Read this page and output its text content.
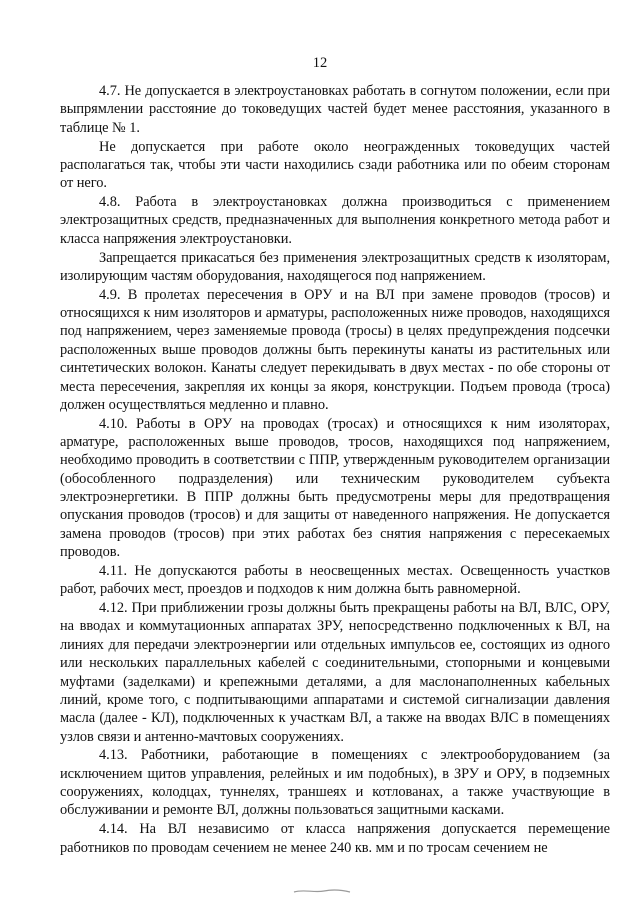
12

4.7. Не допускается в электроустановках работать в согнутом положении, если при выпрямлении расстояние до токоведущих частей будет менее расстояния, указанного в таблице № 1.

Не допускается при работе около неогражденных токоведущих частей располагаться так, чтобы эти части находились сзади работника или по обеим сторонам от него.

4.8. Работа в электроустановках должна производиться с применением электрозащитных средств, предназначенных для выполнения конкретного метода работ и класса напряжения электроустановки.

Запрещается прикасаться без применения электрозащитных средств к изоляторам, изолирующим частям оборудования, находящегося под напряжением.

4.9. В пролетах пересечения в ОРУ и на ВЛ при замене проводов (тросов) и относящихся к ним изоляторов и арматуры, расположенных ниже проводов, находящихся под напряжением, через заменяемые провода (тросы) в целях предупреждения подсечки расположенных выше проводов должны быть перекинуты канаты из растительных или синтетических волокон. Канаты следует перекидывать в двух местах - по обе стороны от места пересечения, закрепляя их концы за якоря, конструкции. Подъем провода (троса) должен осуществляться медленно и плавно.

4.10. Работы в ОРУ на проводах (тросах) и относящихся к ним изоляторах, арматуре, расположенных выше проводов, тросов, находящихся под напряжением, необходимо проводить в соответствии с ППР, утвержденным руководителем организации (обособленного подразделения) или техническим руководителем субъекта электроэнергетики. В ППР должны быть предусмотрены меры для предотвращения опускания проводов (тросов) и для защиты от наведенного напряжения. Не допускается замена проводов (тросов) при этих работах без снятия напряжения с пересекаемых проводов.

4.11. Не допускаются работы в неосвещенных местах. Освещенность участков работ, рабочих мест, проездов и подходов к ним должна быть равномерной.

4.12. При приближении грозы должны быть прекращены работы на ВЛ, ВЛС, ОРУ, на вводах и коммутационных аппаратах ЗРУ, непосредственно подключенных к ВЛ, на линиях для передачи электроэнергии или отдельных импульсов ее, состоящих из одного или нескольких параллельных кабелей с соединительными, стопорными и концевыми муфтами (заделками) и крепежными деталями, а для маслонаполненных кабельных линий, кроме того, с подпитывающими аппаратами и системой сигнализации давления масла (далее - КЛ), подключенных к участкам ВЛ, а также на вводах ВЛС в помещениях узлов связи и антенно-мачтовых сооружениях.

4.13. Работники, работающие в помещениях с электрооборудованием (за исключением щитов управления, релейных и им подобных), в ЗРУ и ОРУ, в подземных сооружениях, колодцах, туннелях, траншеях и котлованах, а также участвующие в обслуживании и ремонте ВЛ, должны пользоваться защитными касками.

4.14. На ВЛ независимо от класса напряжения допускается перемещение работников по проводам сечением не менее 240 кв. мм и по тросам сечением не
